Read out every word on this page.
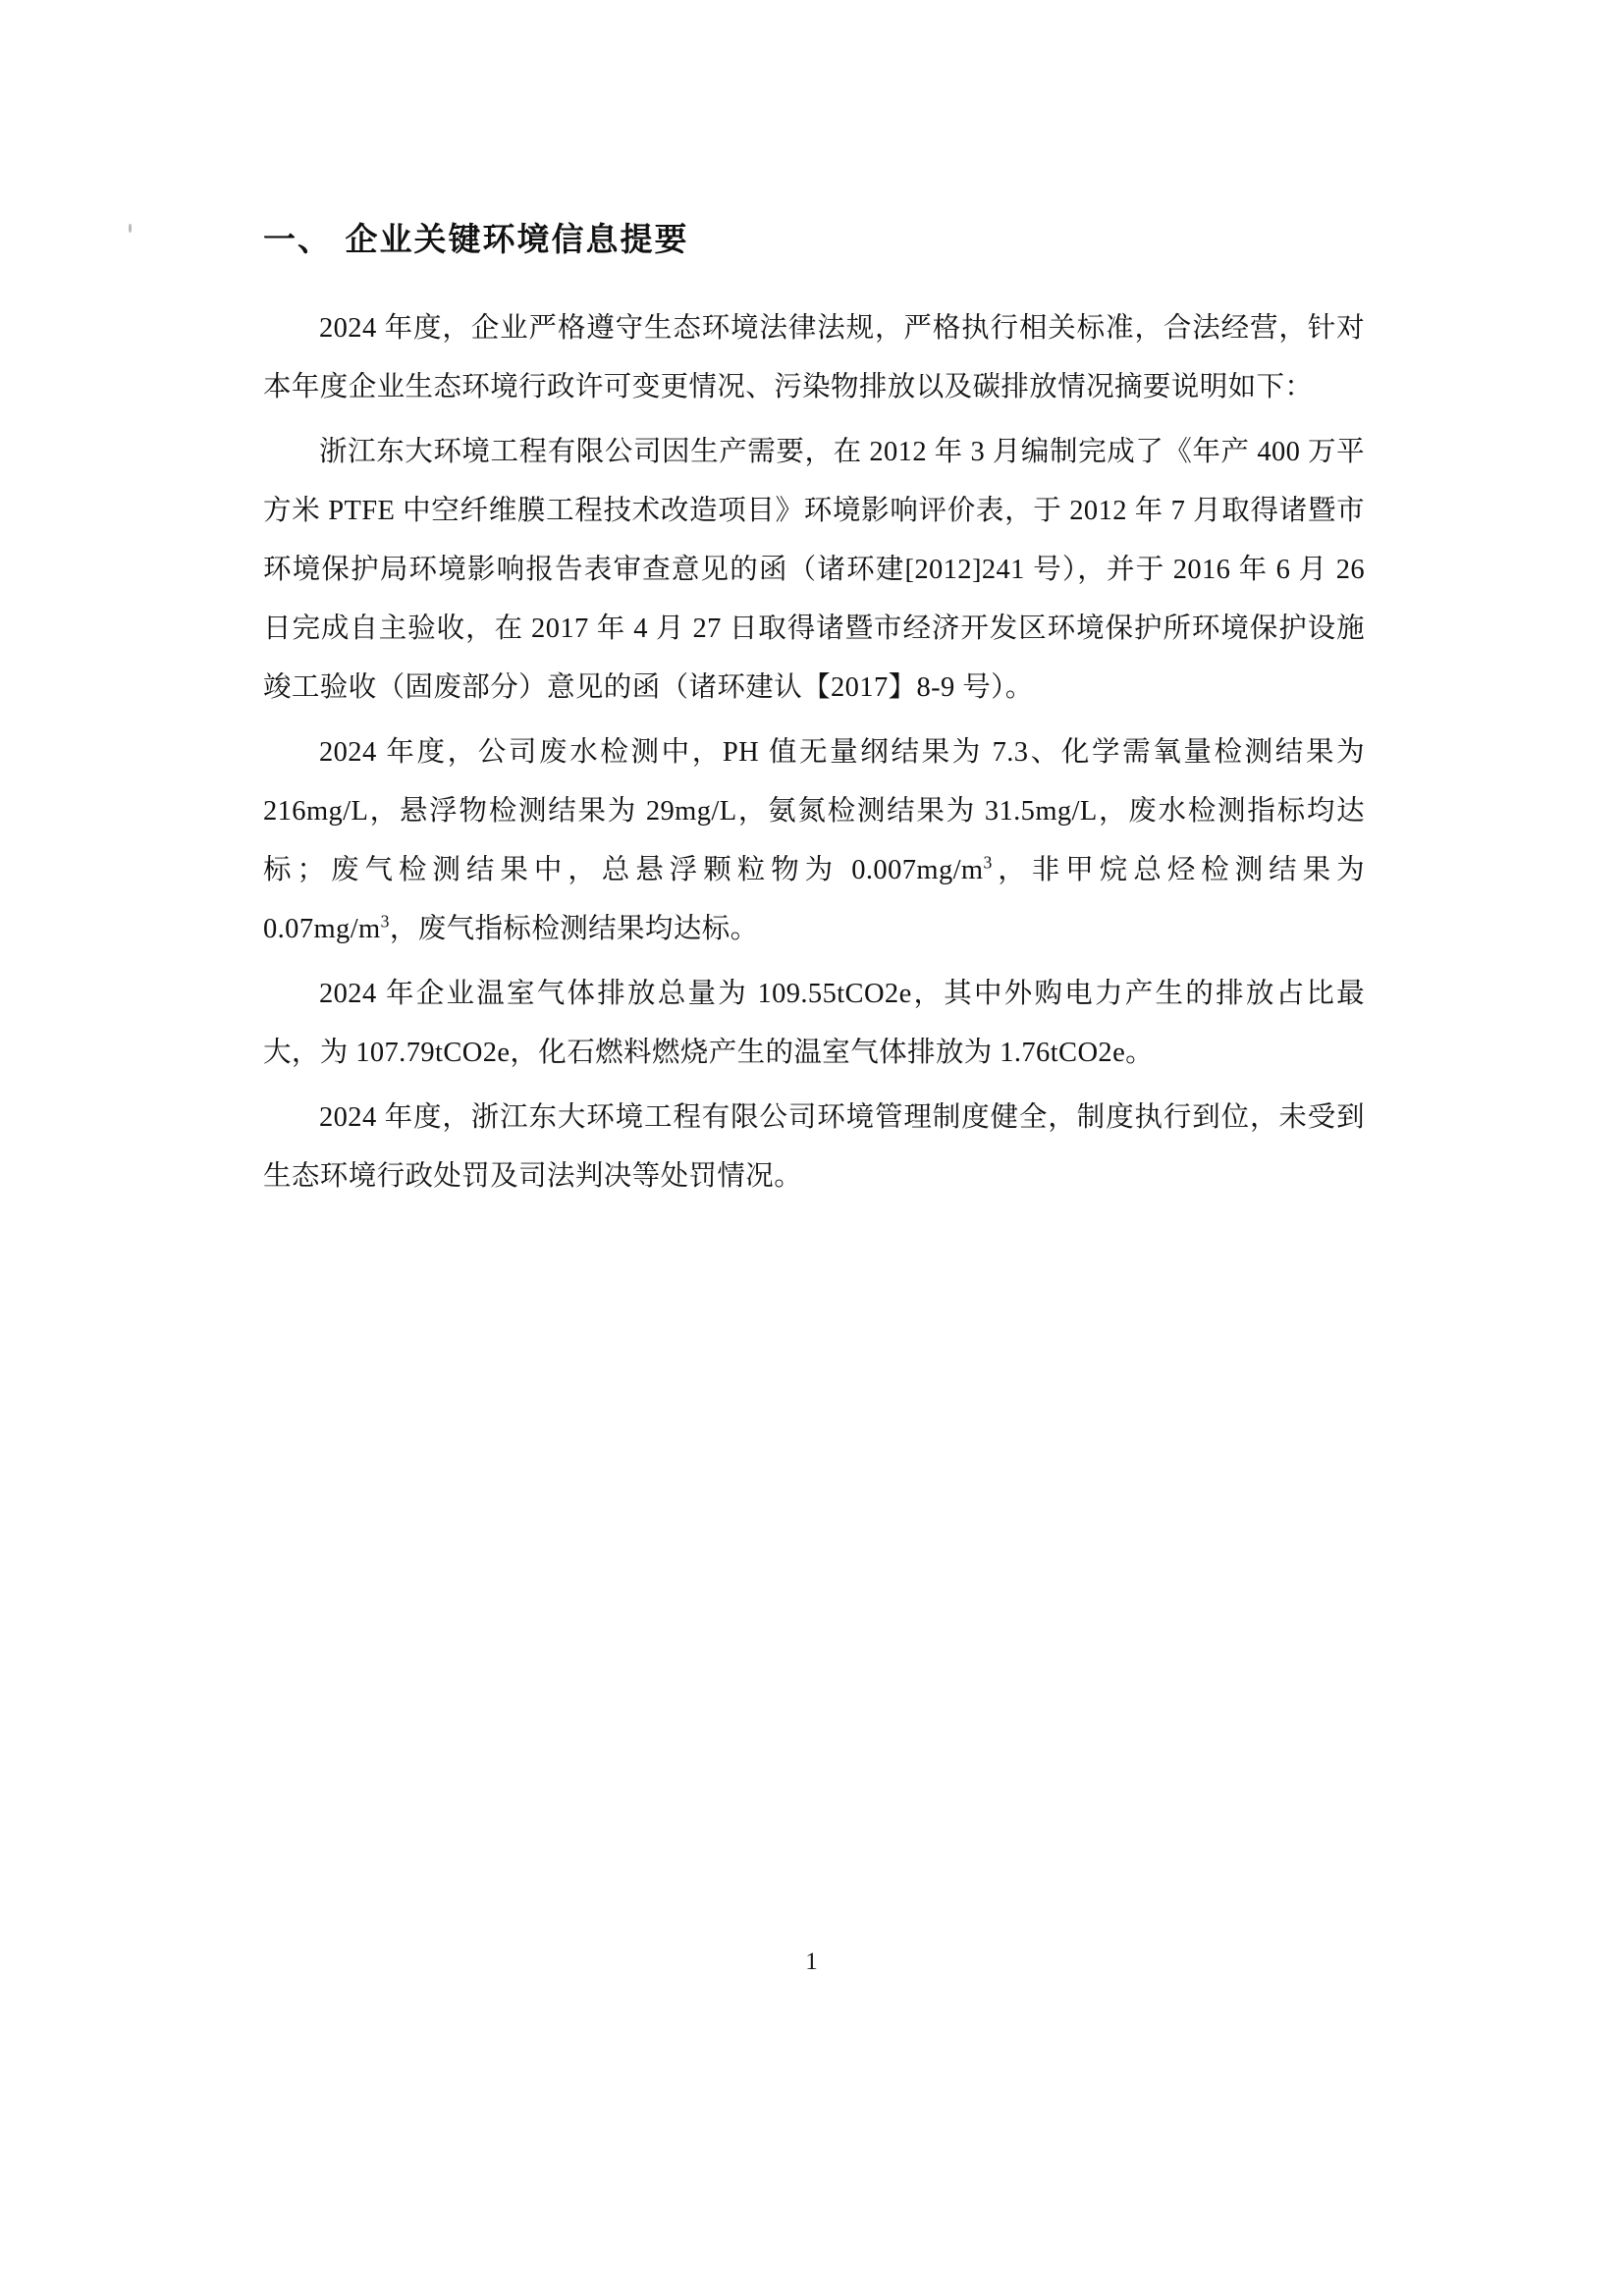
一、 企业关键环境信息提要

2024 年度，企业严格遵守生态环境法律法规，严格执行相关标准，合法经营，针对本年度企业生态环境行政许可变更情况、污染物排放以及碳排放情况摘要说明如下：

浙江东大环境工程有限公司因生产需要，在 2012 年 3 月编制完成了《年产 400 万平方米 PTFE 中空纤维膜工程技术改造项目》环境影响评价表，于 2012 年 7 月取得诸暨市环境保护局环境影响报告表审查意见的函（诸环建[2012]241 号），并于 2016 年 6 月 26 日完成自主验收，在 2017 年 4 月 27 日取得诸暨市经济开发区环境保护所环境保护设施竣工验收（固废部分）意见的函（诸环建认【2017】8-9 号）。

2024 年度，公司废水检测中，PH 值无量纲结果为 7.3、化学需氧量检测结果为 216mg/L，悬浮物检测结果为 29mg/L，氨氮检测结果为 31.5mg/L，废水检测指标均达标；废气检测结果中，总悬浮颗粒物为 $0.007mg/m^3$，非甲烷总烃检测结果为 $0.07mg/m^3$，废气指标检测结果均达标。

2024 年企业温室气体排放总量为 109.55tCO2e，其中外购电力产生的排放占比最大，为 107.79tCO2e，化石燃料燃烧产生的温室气体排放为 1.76tCO2e。

2024 年度，浙江东大环境工程有限公司环境管理制度健全，制度执行到位，未受到生态环境行政处罚及司法判决等处罚情况。

1
